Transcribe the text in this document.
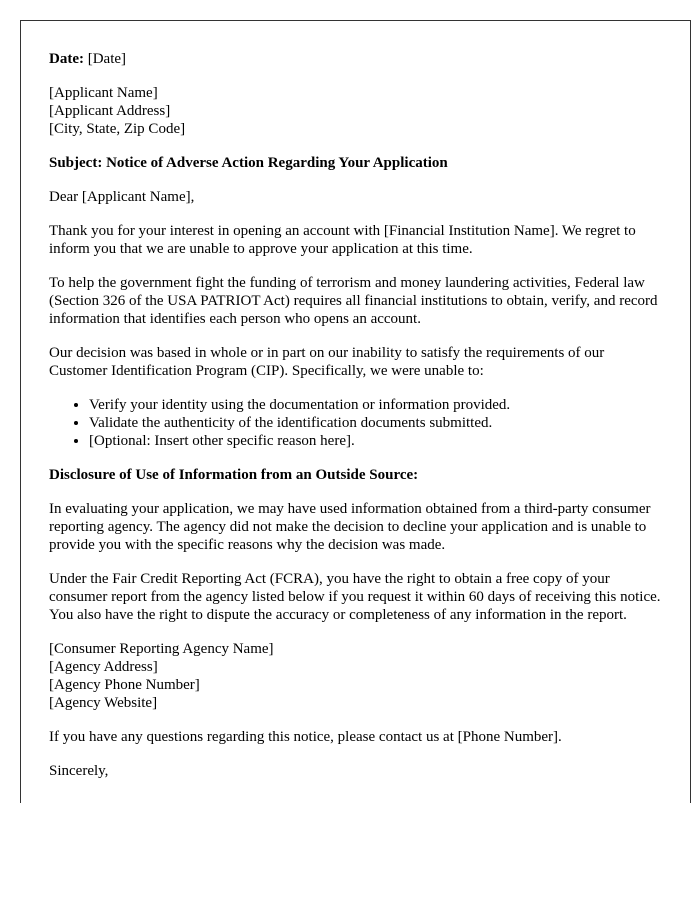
Date: [Date]

[Applicant Name]
[Applicant Address]
[City, State, Zip Code]

Subject: Notice of Adverse Action Regarding Your Application

Dear [Applicant Name],

Thank you for your interest in opening an account with [Financial Institution Name]. We regret to inform you that we are unable to approve your application at this time.

To help the government fight the funding of terrorism and money laundering activities, Federal law (Section 326 of the USA PATRIOT Act) requires all financial institutions to obtain, verify, and record information that identifies each person who opens an account.

Our decision was based in whole or in part on our inability to satisfy the requirements of our Customer Identification Program (CIP). Specifically, we were unable to:

• Verify your identity using the documentation or information provided.
• Validate the authenticity of the identification documents submitted.
• [Optional: Insert other specific reason here].

Disclosure of Use of Information from an Outside Source:

In evaluating your application, we may have used information obtained from a third-party consumer reporting agency. The agency did not make the decision to decline your application and is unable to provide you with the specific reasons why the decision was made.

Under the Fair Credit Reporting Act (FCRA), you have the right to obtain a free copy of your consumer report from the agency listed below if you request it within 60 days of receiving this notice. You also have the right to dispute the accuracy or completeness of any information in the report.

[Consumer Reporting Agency Name]
[Agency Address]
[Agency Phone Number]
[Agency Website]

If you have any questions regarding this notice, please contact us at [Phone Number].

Sincerely,
